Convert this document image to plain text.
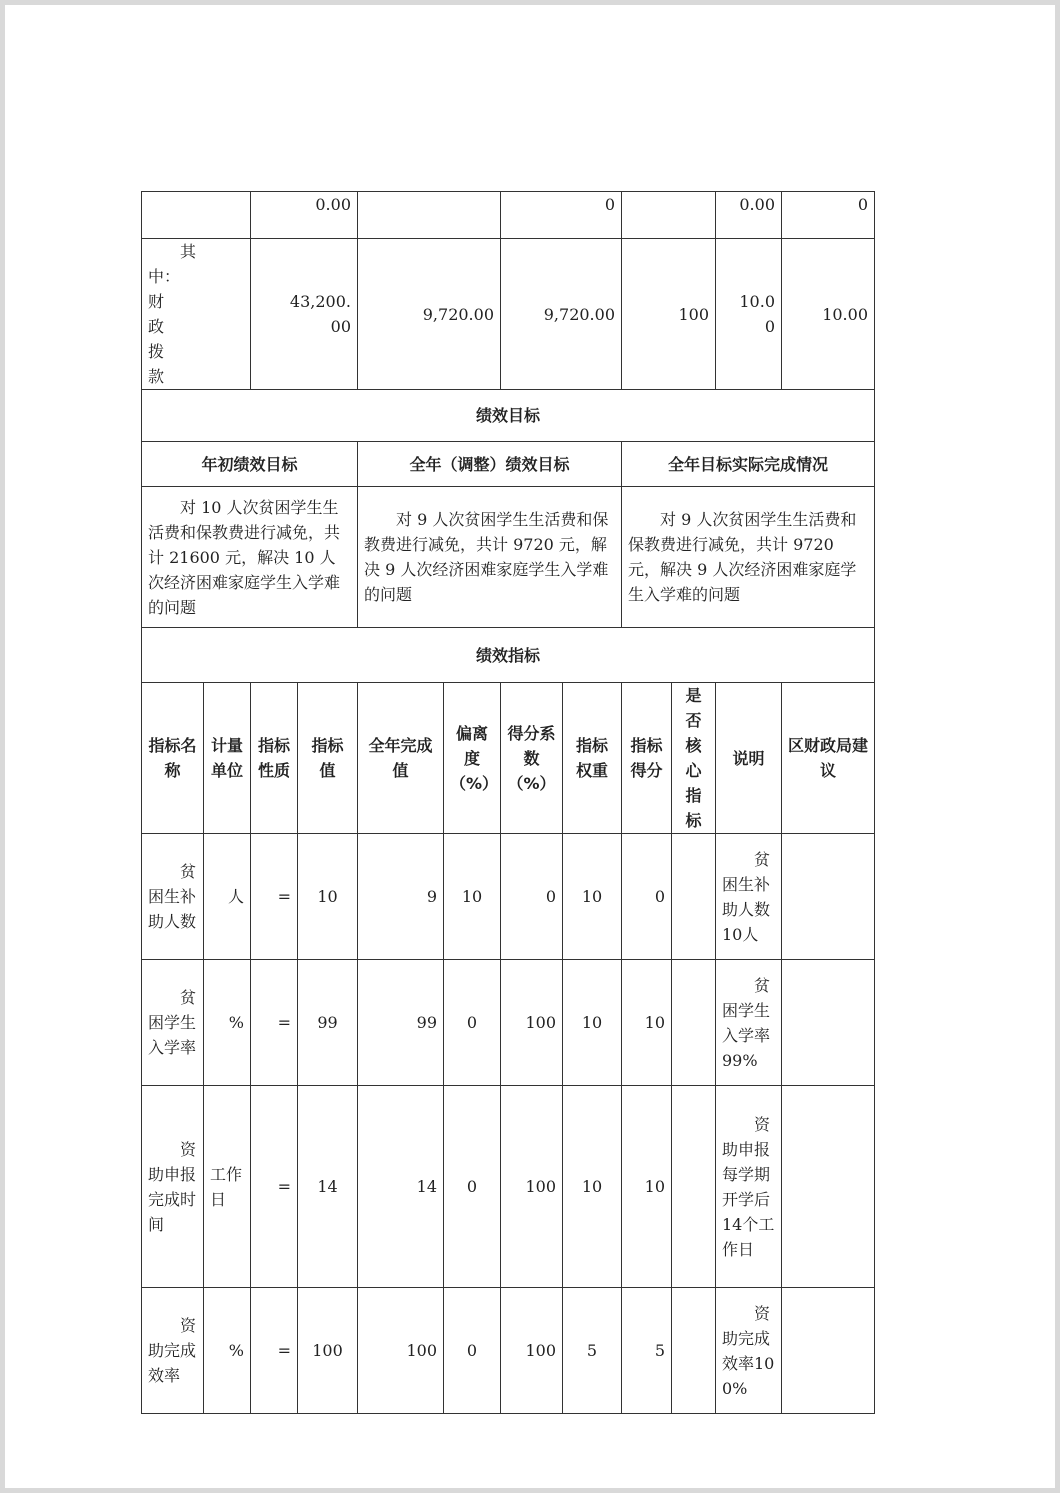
		0.00				0				0.00	0
其中：财政拨款		43,200.00		9,720.00		9,720.00		100		10.00	10.00
绩效目标											
年初绩效目标				全年（调整）绩效目标				全年目标实际完成情况			
对 10 人次贫困学生生活费和保教费进行减免，共计 21600 元，解决 10 人次经济困难家庭学生入学难的问题				对 9 人次贫困学生生活费和保教费进行减免，共计 9720 元，解决 9 人次经济困难家庭学生入学难的问题				对 9 人次贫困学生生活费和保教费进行减免，共计 9720 元，解决 9 人次经济困难家庭学生入学难的问题			
绩效指标											
指标名称	计量单位	指标性质	指标值	全年完成值	偏离度（%）	得分系数（%）	指标权重	指标得分	是否核心指标	说明	区财政局建议
贫困生补助人数	人	=	10	9	10	0	10	0		贫困生补助人数10人	
贫困学生入学率	%	=	99	99	0	100	10	10		贫困学生入学率99%	
资助申报完成时间	工作日	=	14	14	0	100	10	10		资助申报每学期开学后14个工作日	
资助完成效率	%	=	100	100	0	100	5	5		资助完成效率100%	
